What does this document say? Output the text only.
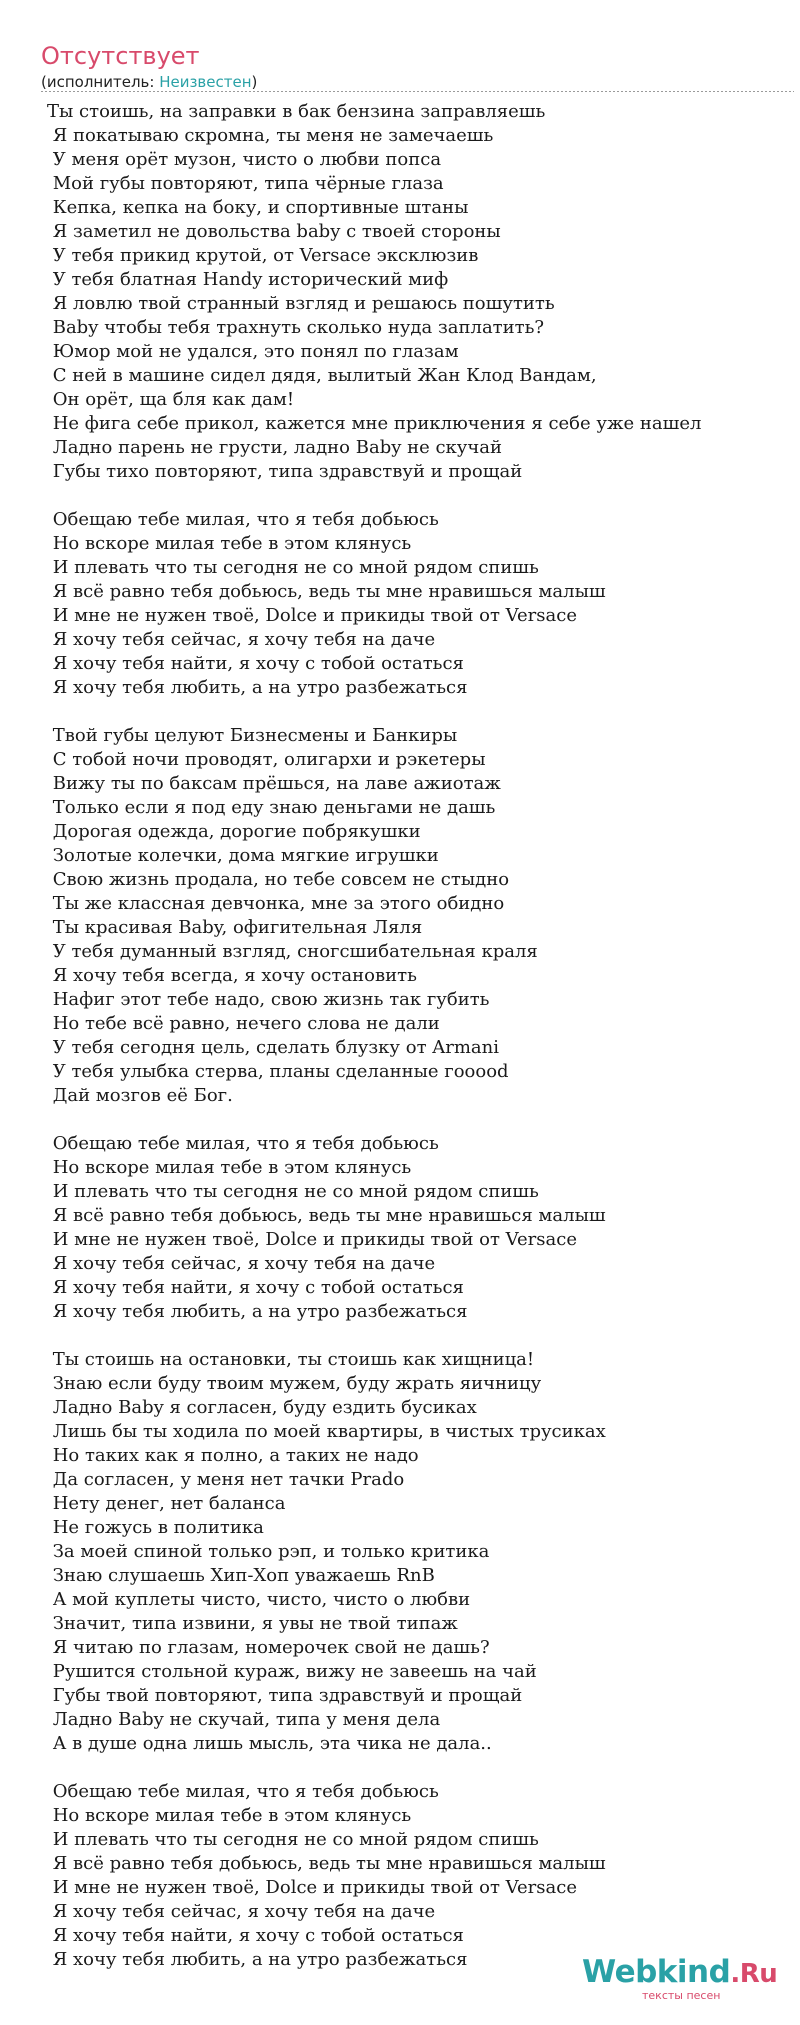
Отсутствует
(исполнитель: Неизвестен)
Ты стоишь, на заправки в бак бензина заправляешь
Я покатываю скромна, ты меня не замечаешь
У меня орёт музон, чисто о любви попса
Мой губы повторяют, типа чёрные глаза
Кепка, кепка на боку, и спортивные штаны
Я заметил не довольства baby с твоей стороны
У тебя прикид крутой, от Versace эксклюзив
У тебя блатная Handy исторический миф
Я ловлю твой странный взгляд и решаюсь пошутить
Baby чтобы тебя трахнуть сколько нуда заплатить?
Юмор мой не удался, это понял по глазам
С ней в машине сидел дядя, вылитый Жан Клод Вандам,
Он орёт, ща бля как дам!
Не фига себе прикол, кажется мне приключения я себе уже нашел
Ладно парень не грусти, ладно Baby не скучай
Губы тихо повторяют, типа здравствуй и прощай
Обещаю тебе милая, что я тебя добьюсь
Но вскоре милая тебе в этом клянусь
И плевать что ты сегодня не со мной рядом спишь
Я всё равно тебя добьюсь, ведь ты мне нравишься малыш
И мне не нужен твоё, Dolce и прикиды твой от Versace
Я хочу тебя сейчас, я хочу тебя на даче
Я хочу тебя найти, я хочу с тобой остаться
Я хочу тебя любить, а на утро разбежаться
Твой губы целуют Бизнесмены и Банкиры
С тобой ночи проводят, олигархи и рэкетеры
Вижу ты по баксам прёшься, на лаве ажиотаж
Только если я под еду знаю деньгами не дашь
Дорогая одежда, дорогие побрякушки
Золотые колечки, дома мягкие игрушки
Свою жизнь продала, но тебе совсем не стыдно
Ты же классная девчонка, мне за этого обидно
Ты красивая Baby, офигительная Ляля
У тебя думанный взгляд, сногсшибательная краля
Я хочу тебя всегда, я хочу остановить
Нафиг этот тебе надо, свою жизнь так губить
Но тебе всё равно, нечего слова не дали
У тебя сегодня цель, сделать блузку от Armani
У тебя улыбка стерва, планы сделанные гооооd
Дай мозгов её Бог.
Обещаю тебе милая, что я тебя добьюсь
Но вскоре милая тебе в этом клянусь
И плевать что ты сегодня не со мной рядом спишь
Я всё равно тебя добьюсь, ведь ты мне нравишься малыш
И мне не нужен твоё, Dolce и прикиды твой от Versace
Я хочу тебя сейчас, я хочу тебя на даче
Я хочу тебя найти, я хочу с тобой остаться
Я хочу тебя любить, а на утро разбежаться
Ты стоишь на остановки, ты стоишь как хищница!
Знаю если буду твоим мужем, буду жрать яичницу
Ладно Baby я согласен, буду ездить бусиках
Лишь бы ты ходила по моей квартиры, в чистых трусиках
Но таких как я полно, а таких не надо
Да согласен, у меня нет тачки Prado
Нету денег, нет баланса
Не гожусь в политика
За моей спиной только рэп, и только критика
Знаю слушаешь Хип-Хоп уважаешь RnB
А мой куплеты чисто, чисто, чисто о любви
Значит, типа извини, я увы не твой типаж
Я читаю по глазам, номерочек свой не дашь?
Рушится стольной кураж, вижу не завеешь на чай
Губы твой повторяют, типа здравствуй и прощай
Ладно Baby не скучай, типа у меня дела
А в душе одна лишь мысль, эта чика не дала..
Обещаю тебе милая, что я тебя добьюсь
Но вскоре милая тебе в этом клянусь
И плевать что ты сегодня не со мной рядом спишь
Я всё равно тебя добьюсь, ведь ты мне нравишься малыш
И мне не нужен твоё, Dolce и прикиды твой от Versace
Я хочу тебя сейчас, я хочу тебя на даче
Я хочу тебя найти, я хочу с тобой остаться
Я хочу тебя любить, а на утро разбежаться	Webkind.Ru
тексты песен
